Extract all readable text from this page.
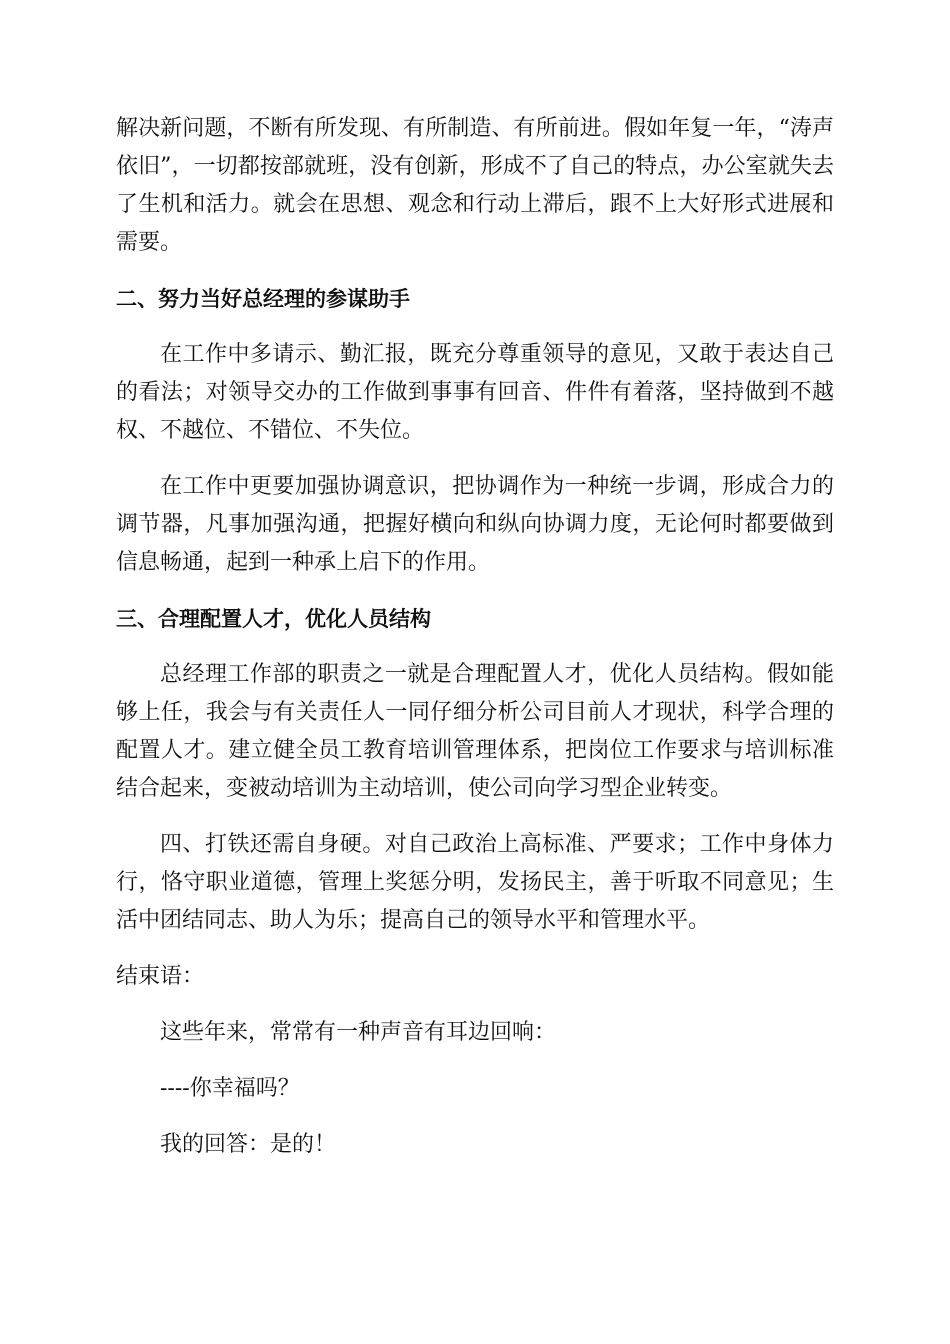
解决新问题，不断有所发现、有所制造、有所前进。假如年复一年，“涛声依旧”，一切都按部就班，没有创新，形成不了自己的特点，办公室就失去了生机和活力。就会在思想、观念和行动上滞后，跟不上大好形式进展和需要。

二、努力当好总经理的参谋助手

在工作中多请示、勤汇报，既充分尊重领导的意见，又敢于表达自己的看法；对领导交办的工作做到事事有回音、件件有着落，坚持做到不越权、不越位、不错位、不失位。

在工作中更要加强协调意识，把协调作为一种统一步调，形成合力的调节器，凡事加强沟通，把握好横向和纵向协调力度，无论何时都要做到信息畅通，起到一种承上启下的作用。

三、合理配置人才，优化人员结构

总经理工作部的职责之一就是合理配置人才，优化人员结构。假如能够上任，我会与有关责任人一同仔细分析公司目前人才现状，科学合理的配置人才。建立健全员工教育培训管理体系，把岗位工作要求与培训标准结合起来，变被动培训为主动培训，使公司向学习型企业转变。

四、打铁还需自身硬。对自己政治上高标准、严要求；工作中身体力行，恪守职业道德，管理上奖惩分明，发扬民主，善于听取不同意见；生活中团结同志、助人为乐；提高自己的领导水平和管理水平。

结束语：

这些年来，常常有一种声音有耳边回响：

----你幸福吗？

我的回答：是的！
